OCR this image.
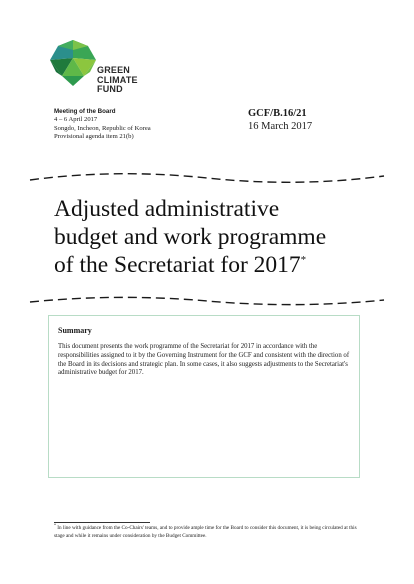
GREEN
CLIMATE
FUND
Meeting of the Board
4 – 6 April 2017
Songdo, Incheon, Republic of Korea
Provisional agenda item 21(b)
GCF/B.16/21
16 March 2017
Adjusted administrative
budget and work programme
of the Secretariat for 2017*
Summary
This document presents the work programme of the Secretariat for 2017 in accordance with the responsibilities assigned to it by the Governing Instrument for the GCF and consistent with the direction of the Board in its decisions and strategic plan. In some cases, it also suggests adjustments to the Secretariat's administrative budget for 2017.
* In line with guidance from the Co-Chairs' teams, and to provide ample time for the Board to consider this document, it is being circulated at this stage and while it remains under consideration by the Budget Committee.
